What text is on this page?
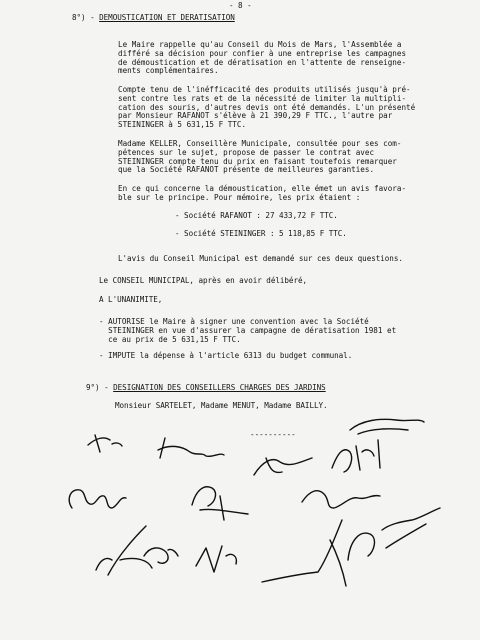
- 8 -
8°) - DEMOUSTICATION ET DERATISATION
Le Maire rappelle qu'au Conseil du Mois de Mars, l'Assemblée a
différé sa décision pour confier à une entreprise les campagnes
de démoustication et de dératisation en l'attente de renseigne-
ments complémentaires.
Compte tenu de l'inéfficacité des produits utilisés jusqu'à pré-
sent contre les rats et de la nécessité de limiter la multipli-
cation des souris, d'autres devis ont été demandés. L'un présenté
par Monsieur RAFANOT s'élève à 21 390,29 F TTC., l'autre par
STEININGER à 5 631,15 F TTC.
Madame KELLER, Conseillère Municipale, consultée pour ses com-
pétences sur le sujet, propose de passer le contrat avec
STEININGER compte tenu du prix en faisant toutefois remarquer
que la Société RAFANOT présente de meilleures garanties.
En ce qui concerne la démoustication, elle émet un avis favora-
ble sur le principe. Pour mémoire, les prix étaient :
- Société RAFANOT : 27 433,72 F TTC.
- Société STEININGER : 5 118,85 F TTC.
L'avis du Conseil Municipal est demandé sur ces deux questions.
Le CONSEIL MUNICIPAL, après en avoir délibéré,
A L'UNANIMITE,
- AUTORISE le Maire à signer une convention avec la Société
STEININGER en vue d'assurer la campagne de dératisation 1981 et
ce au prix de 5 631,15 F TTC.
- IMPUTE la dépense à l'article 6313 du budget communal.
9°) - DESIGNATION DES CONSEILLERS CHARGES DES JARDINS
Monsieur SARTELET, Madame MENUT, Madame BAILLY.
----------
